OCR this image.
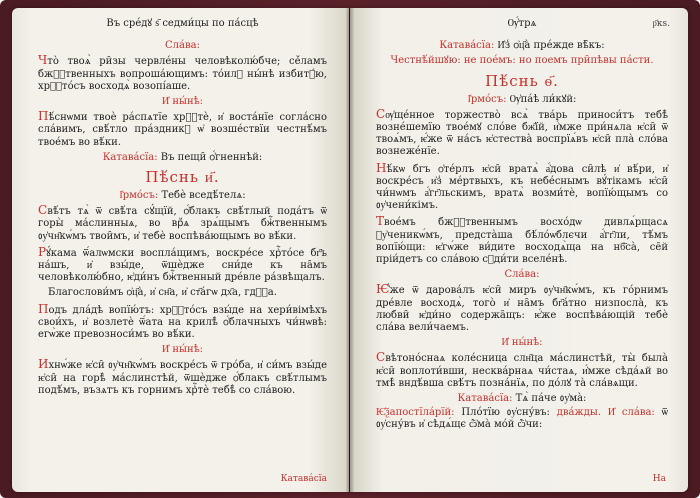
Въ сре́дꙋ ѕ҃ седми́цы по па́сцѣ
Сла́ва:

Что̀ твоѧ̀ ри̑зы червле́ны человѣколю́бче; сѐ́ламъ бжⷭ҇твенныхъ вопроша́ющимъ: то́илꙋ ны́нѣ избитꙋ́ю, хрⷭ҇то́съ восходѧ̀ возопі́аше.

И҆ ны́нѣ:

Пѣ́снѡми твоѐ ра́спѧтїе хрⷭ҇тѐ, и҆ воста́нїе согла́сно сла́вимъ, свѣ́тло пра́здникꙋ ѡ҆ возше́ствїи честнѣ́мъ твое́мъ во вѣ́ки.

Катава́сїа: Въ пещи̑ ѻ҆́гненнѣй:
Пѣ́снь и҃.
І҆рмо́съ: Тебѐ вседѣ́телѧ:

Свѣ́тъ тѧ̀ ѿ свѣ́та сꙋ́щїй, ѻ҆́блакъ свѣ́тлый пода́тъ ѿ горы̀ ма́слинныѧ, во врⷨѧ зрѧ́щымъ бжⷭ҇твеннымъ ᲂу҆чн҃кѡ́мъ твои̑мъ, и҆ тебѐ воспѣва́ющымъ во вѣ́ки.

Рꙋ́кама ѿ́алѡмски воспла́щимъ, воскре́се хрⷭ҇то́се бг҃ъ на́шъ, и҆ взы́де, ѿшѐдже сни́де къ на̑мъ человѣколю́бно, ѥ҆ди́нъ бжⷭ҇твенный дре́вле ра́звѣщалъ.

Благослови́мъ ѻ҆ц҃а̀, и҆ сн҃а, и҆ ст҃а́гѡ дх҃а, гдⷭ҇а.

Подъ дла́дѣ вопїю́тъ: хрⷭ҇то́съ взы́де на хери́вімѣхъ свои́хъ, и҆ возлетѐ ѿ́ата на крилѣ̀ ѻ҆́блачныхъ чи́нѡвѣ: егѡ̀же превозноси́мъ во вѣ́ки.

И҆ ны́нѣ:

Ихнѡ́же ѥ҆си̑ ᲂу҆чн҃кѡ́мъ воскре́съ ѿ гро́ба, и҆ си́мъ взы́де ѥ҆си̑ на горѣ̀ ма́слинстѣй, ѿшѐдже ѻ҆́блакъ свѣ́тлымъ подѣ́мъ, възѧтъ къ горнимъ хрⷭ҇тѐ тебѣ̀ со сла́вою.

Катава́сїа
р҃кѕ.
Ѹ҆́трѧ
Катава́сїа: И҆з̾ ѻ҆ц҃а̀ пре́жде вѣ̑къ:
Честнѣ́йшꙋю: не пое́мъ: но поемъ при̑пѣвы па́сти.
Пѣ́снь ѳ҃.
І҆рмо́съ: Ѹ҆па́ѣ ли́кꙋй:

Сѹ҆ще́нное торжество̀ всѧ̀ тва́рь приноси́тъ тебѣ̀ возне́шемїю твое́мꙋ сло́ве бж҃їй, и҆́мже при́нѧла ѥ҆си̑ ѿ твоѧ́мъ, ѥ҆́же ѿ на́съ ѥ҆стества̀ воспрїѧ́въ ѥ҆си̑ пла̀ сло́ва вознеже́нїе.

Нѣ́кѡ бгъ ѻ҆те́рлъ ѥ҆си̑ вратѧ̀ а҆́дова си̑лѣ и҆ вѣ́ри, и҆ воскре́съ и҆з̾ ме́ртвыхъ, къ небе́снымъ вꙋ́тікамъ ѥ҆си̑ чи́нѡмъ а҆́гг҃льскимъ, вратѧ̀ возми́тѐ, вопїю́щымъ со ᲂу҆чени́кімъ.

Твое́мъ бжⷭ҇твеннымъ восхо́дѡ дивлѧ́рщасѧ ᲂу҆ченикѡ́мъ, предста̀ша бѣ́ло́ѡблєчи а҆́гг҃ли, тѣ́мъ вопїю́щи: ѥ҆гѡ́же ви́дите восходѧ̀ща на нб҃са̀, се̑й пріи́детъ со сла́вою сꙋди́ти вселе́нѣ.

Сла́ва:

Ѥ҆́же ѿ дарова́лъ ѥ҆си̑ миръ ᲂу҆чн҃кѡ́мъ, къ го́рнимъ дре́вле восходѧ̀, того̀ и҆ на̑мъ бг҃а́тно низпосла̀, къ любви̑ ѥ҆ди́но содержа̑щъ: ѥ҆́же воспѣва́ющій тебѐ сла́ва вели́чаемъ.

И҆ ны́нѣ:

Свѣтоно́снаѧ коле́сница слн҃ца ма́слинстѣй, ты̀ была̀ ѥ҆си̑ воплоти́вши, несква́рнаѧ чи́стаѧ, и҆́мже сѣда́ѧй во тмѣ̀ вндѣ́вша свѣ́тъ позна́нїѧ, по до́лꙋ та̀ сла́вѧщи.

Катава́сїа: Тѧ̀ па́че ᲂу҆ма̀:

Ѥ҆ѯапостїла́рїй: Пло́тїю ᲂу҆сну́въ: два́жды. И҆ сла́ва: ѿ ᲂу҆сну́въ и҆ сѣдѧ́щє ѽ҆ма̀ мо́й ѽ҆чи:

На
